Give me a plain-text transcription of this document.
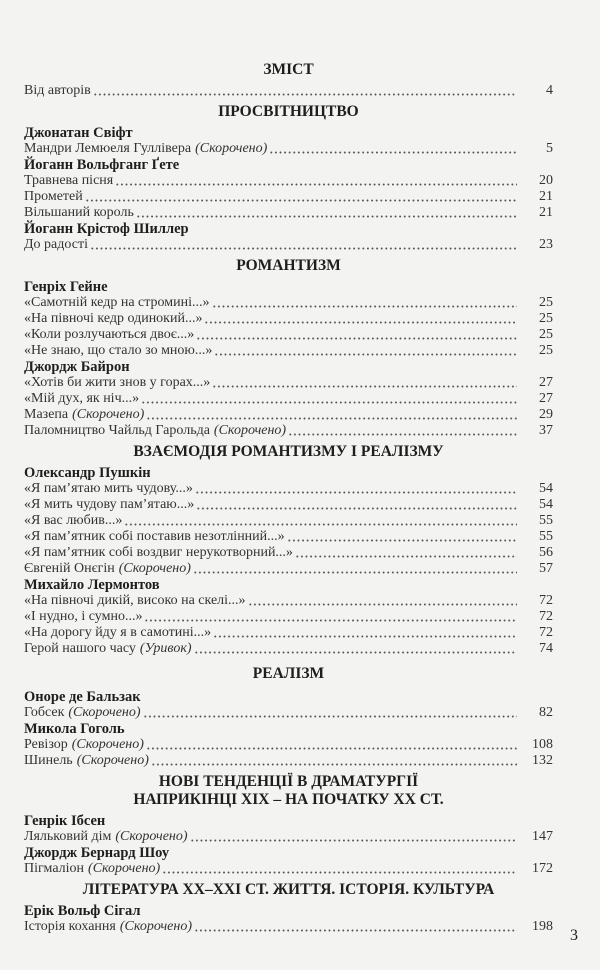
ЗМІСТ
Від авторів	4
ПРОСВІТНИЦТВО
Джонатан Свіфт
Мандри Лемюеля Гуллівера (Скорочено)	5
Йоганн Вольфганг Ґете
Травнева пісня	20
Прометей	21
Вільшаний король	21
Йоганн Крістоф Шиллер
До радості	23
РОМАНТИЗМ
Генріх Гейне
«Самотній кедр на стромині...»	25
«На півночі кедр одинокий...»	25
«Коли розлучаються двоє...»	25
«Не знаю, що стало зо мною...»	25
Джордж Байрон
«Хотів би жити знов у горах...»	27
«Мій дух, як ніч...»	27
Мазепа (Скорочено)	29
Паломництво Чайльд Гарольда (Скорочено)	37
ВЗАЄМОДІЯ РОМАНТИЗМУ І РЕАЛІЗМУ
Олександр Пушкін
«Я пам’ятаю мить чудову...»	54
«Я мить чудову пам’ятаю...»	54
«Я вас любив...»	55
«Я пам’ятник собі поставив незотлінний...»	55
«Я пам’ятник собі воздвиг нерукотворний...»	56
Євгеній Онєгін (Скорочено)	57
Михайло Лермонтов
«На півночі дикій, високо на скелі...»	72
«І нудно, і сумно...»	72
«На дорогу йду я в самотині...»	72
Герой нашого часу (Уривок)	74
РЕАЛІЗМ
Оноре де Бальзак
Гобсек (Скорочено)	82
Микола Гоголь
Ревізор (Скорочено)	108
Шинель (Скорочено)	132
НОВІ ТЕНДЕНЦІЇ В ДРАМАТУРГІЇ
НАПРИКІНЦІ XIX – НА ПОЧАТКУ XX СТ.
Генрік Ібсен
Ляльковий дім (Скорочено)	147
Джордж Бернард Шоу
Пігмаліон (Скорочено)	172
ЛІТЕРАТУРА XX–XXI СТ. ЖИТТЯ. ІСТОРІЯ. КУЛЬТУРА
Ерік Вольф Сігал
Історія кохання (Скорочено)	198
3
